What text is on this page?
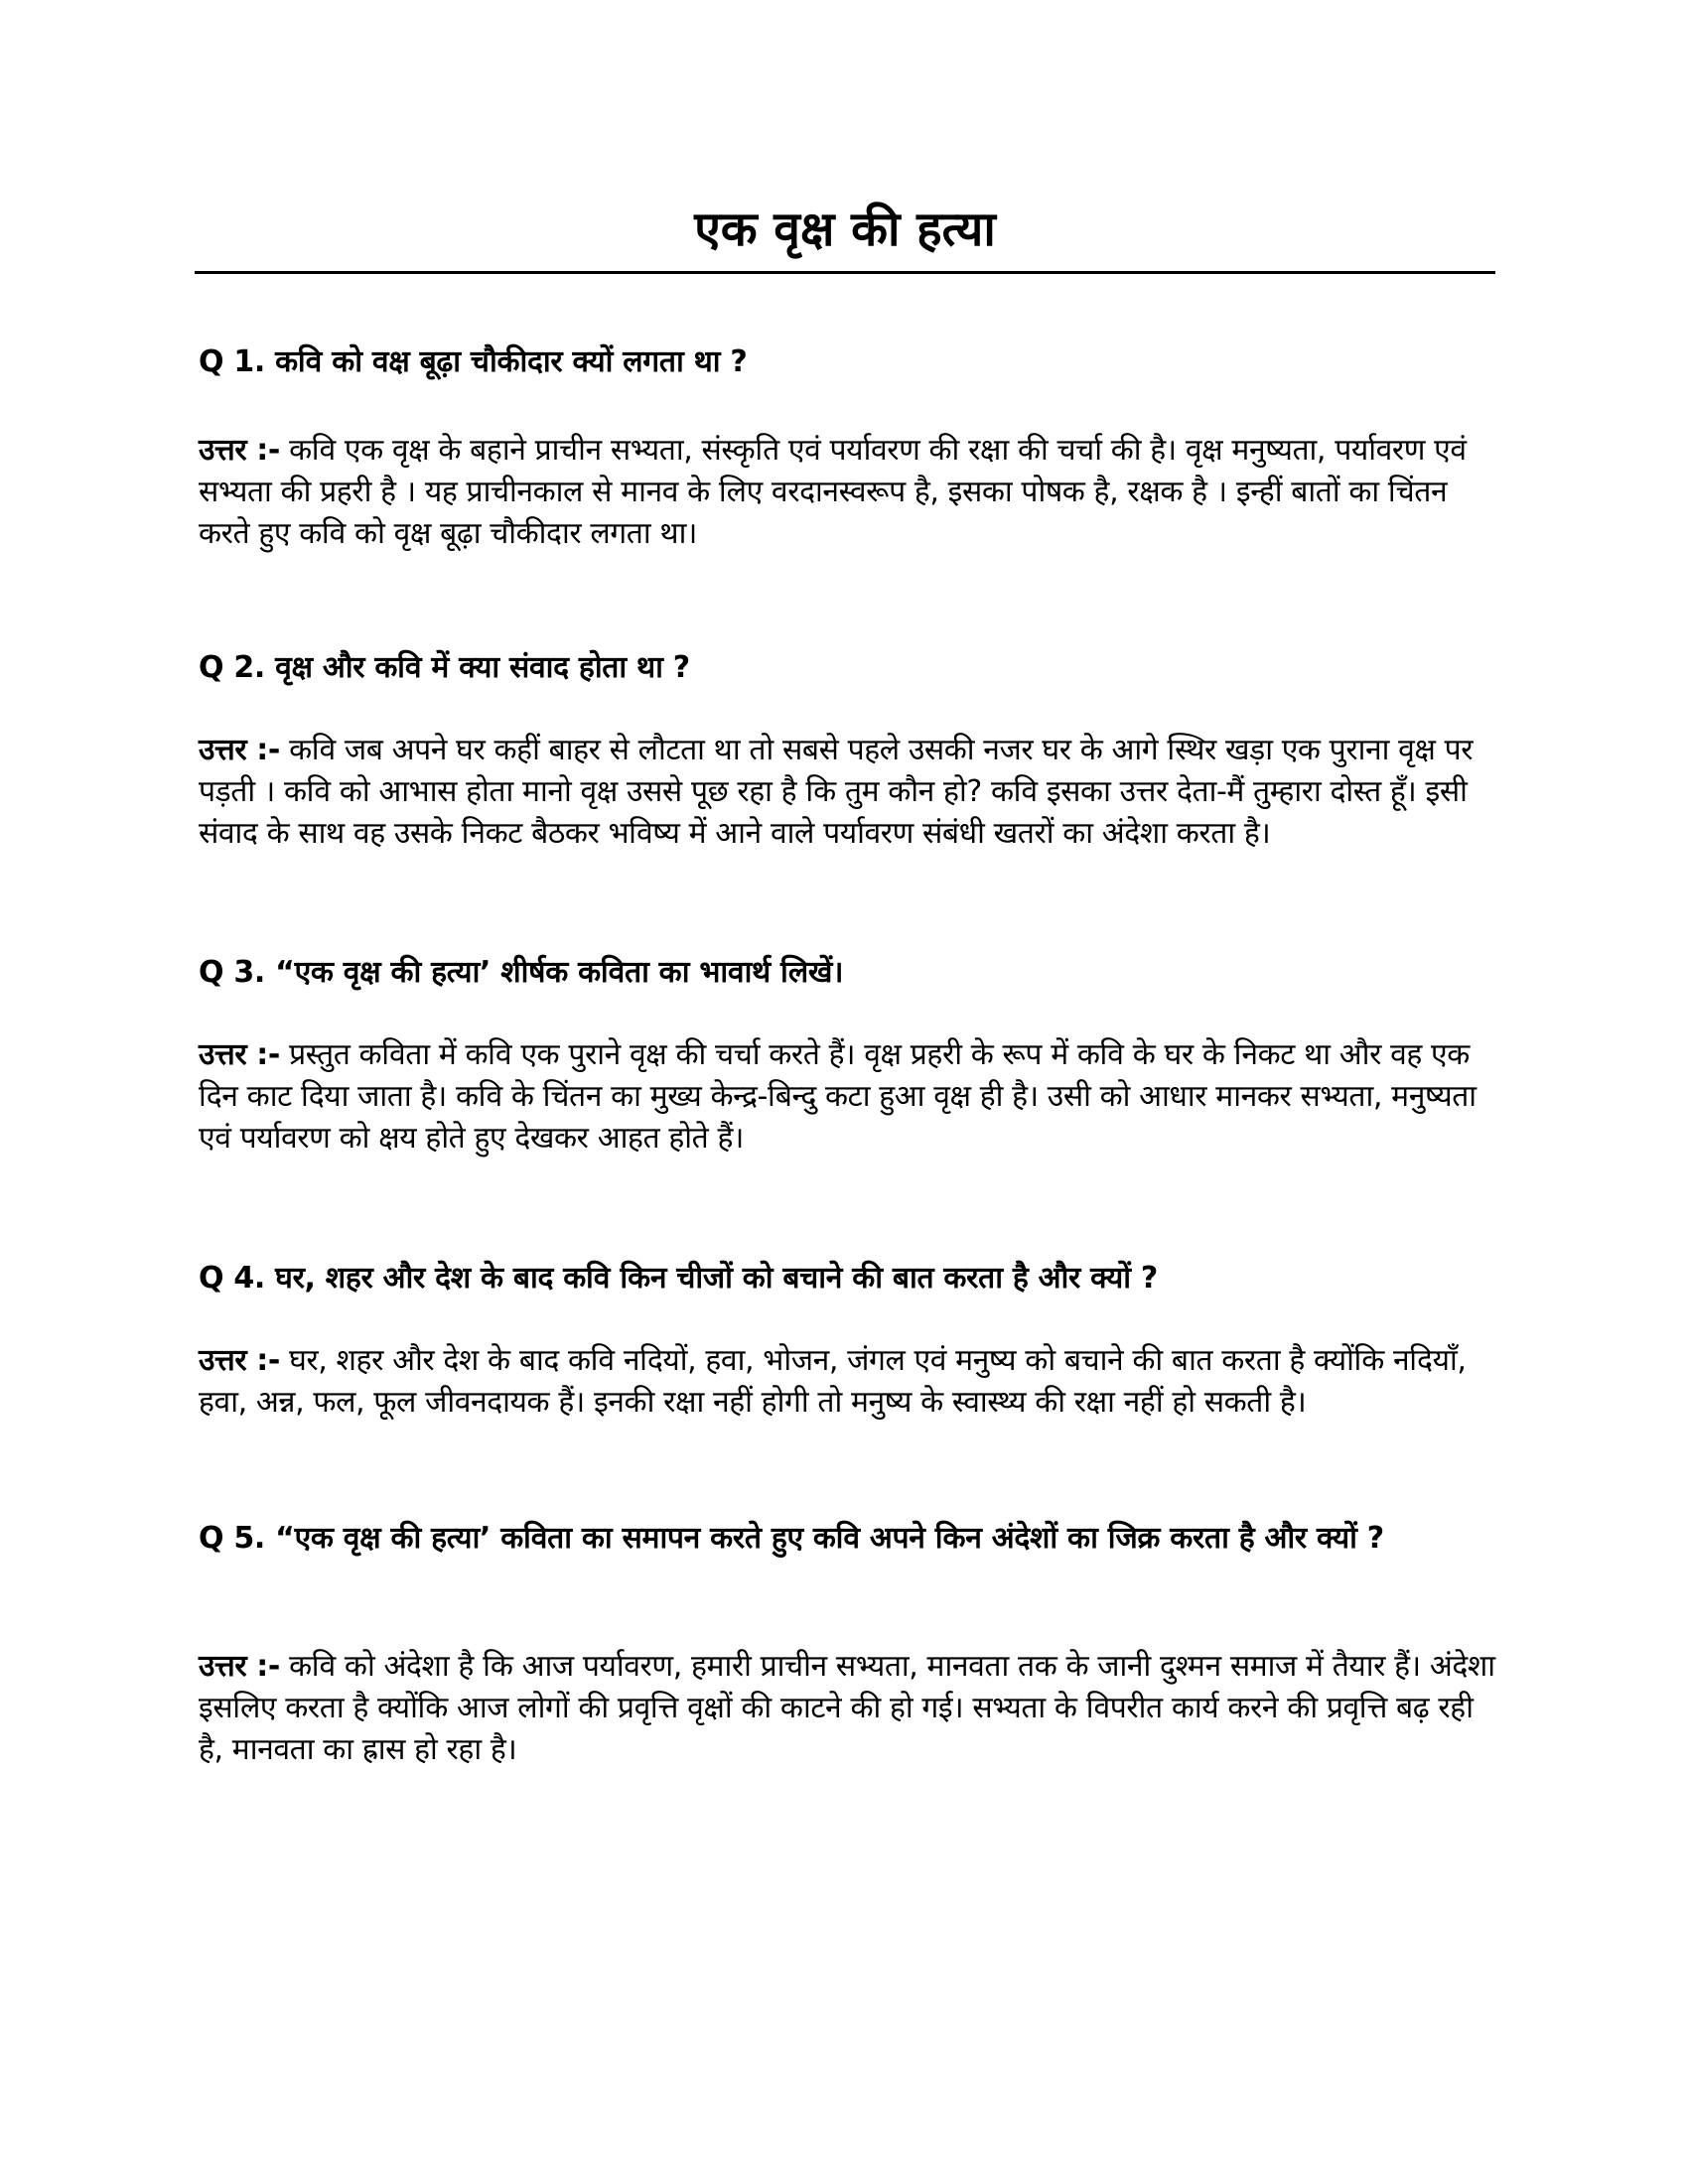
एक वृक्ष की हत्या

Q 1. कवि को वक्ष बूढ़ा चौकीदार क्यों लगता था ?

उत्तर :- कवि एक वृक्ष के बहाने प्राचीन सभ्यता, संस्कृति एवं पर्यावरण की रक्षा की चर्चा की है। वृक्ष मनुष्यता, पर्यावरण एवं सभ्यता की प्रहरी है । यह प्राचीनकाल से मानव के लिए वरदानस्वरूप है, इसका पोषक है, रक्षक है । इन्हीं बातों का चिंतन करते हुए कवि को वृक्ष बूढ़ा चौकीदार लगता था।

Q 2. वृक्ष और कवि में क्या संवाद होता था ?

उत्तर :- कवि जब अपने घर कहीं बाहर से लौटता था तो सबसे पहले उसकी नजर घर के आगे स्थिर खड़ा एक पुराना वृक्ष पर पड़ती । कवि को आभास होता मानो वृक्ष उससे पूछ रहा है कि तुम कौन हो? कवि इसका उत्तर देता-मैं तुम्हारा दोस्त हूँ। इसी संवाद के साथ वह उसके निकट बैठकर भविष्य में आने वाले पर्यावरण संबंधी खतरों का अंदेशा करता है।

Q 3. “एक वृक्ष की हत्या’ शीर्षक कविता का भावार्थ लिखें।

उत्तर :- प्रस्तुत कविता में कवि एक पुराने वृक्ष की चर्चा करते हैं। वृक्ष प्रहरी के रूप में कवि के घर के निकट था और वह एक दिन काट दिया जाता है। कवि के चिंतन का मुख्य केन्द्र-बिन्दु कटा हुआ वृक्ष ही है। उसी को आधार मानकर सभ्यता, मनुष्यता एवं पर्यावरण को क्षय होते हुए देखकर आहत होते हैं।

Q 4. घर, शहर और देश के बाद कवि किन चीजों को बचाने की बात करता है और क्यों ?

उत्तर :- घर, शहर और देश के बाद कवि नदियों, हवा, भोजन, जंगल एवं मनुष्य को बचाने की बात करता है क्योंकि नदियाँ, हवा, अन्न, फल, फूल जीवनदायक हैं। इनकी रक्षा नहीं होगी तो मनुष्य के स्वास्थ्य की रक्षा नहीं हो सकती है।

Q 5. “एक वृक्ष की हत्या’ कविता का समापन करते हुए कवि अपने किन अंदेशों का जिक्र करता है और क्यों ?

उत्तर :- कवि को अंदेशा है कि आज पर्यावरण, हमारी प्राचीन सभ्यता, मानवता तक के जानी दुश्मन समाज में तैयार हैं। अंदेशा इसलिए करता है क्योंकि आज लोगों की प्रवृत्ति वृक्षों की काटने की हो गई। सभ्यता के विपरीत कार्य करने की प्रवृत्ति बढ़ रही है, मानवता का ह्रास हो रहा है।
